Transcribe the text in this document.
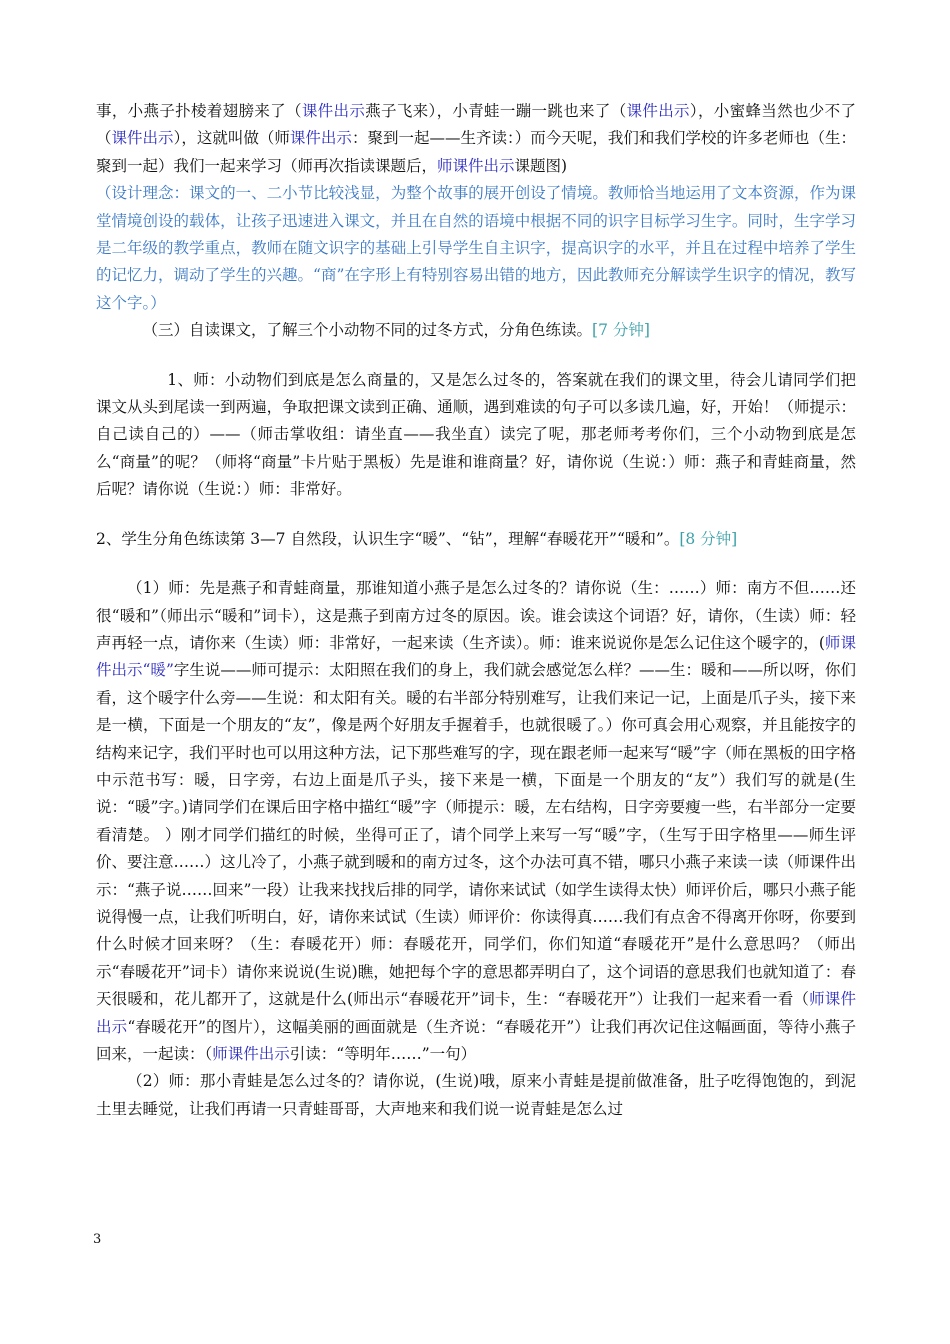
事，小燕子扑棱着翅膀来了（课件出示燕子飞来），小青蛙一蹦一跳也来了（课件出示），小蜜蜂当然也少不了（课件出示），这就叫做（师课件出示：聚到一起——生齐读：）而今天呢，我们和我们学校的许多老师也（生：聚到一起）我们一起来学习（师再次指读课题后，师课件出示课题图)

（设计理念：课文的一、二小节比较浅显，为整个故事的展开创设了情境。教师恰当地运用了文本资源，作为课堂情境创设的载体，让孩子迅速进入课文，并且在自然的语境中根据不同的识字目标学习生字。同时，生字学习是二年级的教学重点，教师在随文识字的基础上引导学生自主识字，提高识字的水平，并且在过程中培养了学生的记忆力，调动了学生的兴趣。“商”在字形上有特别容易出错的地方，因此教师充分解读学生识字的情况，教写这个字。）

（三）自读课文，了解三个小动物不同的过冬方式，分角色练读。[7 分钟]

1、师：小动物们到底是怎么商量的，又是怎么过冬的，答案就在我们的课文里，待会儿请同学们把课文从头到尾读一到两遍，争取把课文读到正确、通顺，遇到难读的句子可以多读几遍，好，开始！（师提示：自己读自己的）——（师击掌收组：请坐直——我坐直）读完了呢，那老师考考你们，三个小动物到底是怎么“商量”的呢？（师将“商量”卡片贴于黑板）先是谁和谁商量？好，请你说（生说：）师：燕子和青蛙商量，然后呢？请你说（生说：）师：非常好。

2、学生分角色练读第 3—7 自然段，认识生字“暖”、“钻”，理解“春暖花开”“暖和”。[8 分钟]

（1）师：先是燕子和青蛙商量，那谁知道小燕子是怎么过冬的？请你说（生：……）师：南方不但……还很“暖和”（师出示“暖和”词卡），这是燕子到南方过冬的原因。诶。谁会读这个词语？好，请你，（生读）师：轻声再轻一点，请你来（生读）师：非常好，一起来读（生齐读）。师：谁来说说你是怎么记住这个暖字的，(师课件出示“暖”字生说——师可提示：太阳照在我们的身上，我们就会感觉怎么样？——生：暖和——所以呀，你们看，这个暖字什么旁——生说：和太阳有关。暖的右半部分特别难写，让我们来记一记，上面是爪子头，接下来是一横，下面是一个朋友的“友”，像是两个好朋友手握着手，也就很暖了。）你可真会用心观察，并且能按字的结构来记字，我们平时也可以用这种方法，记下那些难写的字，现在跟老师一起来写“暖”字（师在黑板的田字格中示范书写：暖，日字旁，右边上面是爪子头，接下来是一横，下面是一个朋友的“友”）我们写的就是(生说：“暖”字。)请同学们在课后田字格中描红“暖”字（师提示：暖，左右结构，日字旁要瘦一些，右半部分一定要看清楚。 ）刚才同学们描红的时候，坐得可正了，请个同学上来写一写“暖”字，（生写于田字格里——师生评价、要注意……）这儿冷了，小燕子就到暖和的南方过冬，这个办法可真不错，哪只小燕子来读一读（师课件出示：“燕子说……回来”一段）让我来找找后排的同学，请你来试试（如学生读得太快）师评价后，哪只小燕子能说得慢一点，让我们听明白，好，请你来试试（生读）师评价：你读得真……我们有点舍不得离开你呀，你要到什么时候才回来呀？（生：春暖花开）师：春暖花开，同学们，你们知道“春暖花开”是什么意思吗？（师出示“春暖花开”词卡）请你来说说(生说)瞧，她把每个字的意思都弄明白了，这个词语的意思我们也就知道了：春天很暖和，花儿都开了，这就是什么(师出示“春暖花开”词卡，生：“春暖花开”）让我们一起来看一看（师课件出示“春暖花开”的图片），这幅美丽的画面就是（生齐说：“春暖花开”）让我们再次记住这幅画面，等待小燕子回来，一起读：（师课件出示引读：“等明年……”一句）

（2）师：那小青蛙是怎么过冬的？请你说，(生说)哦，原来小青蛙是提前做准备，肚子吃得饱饱的，到泥土里去睡觉，让我们再请一只青蛙哥哥，大声地来和我们说一说青蛙是怎么过

3
